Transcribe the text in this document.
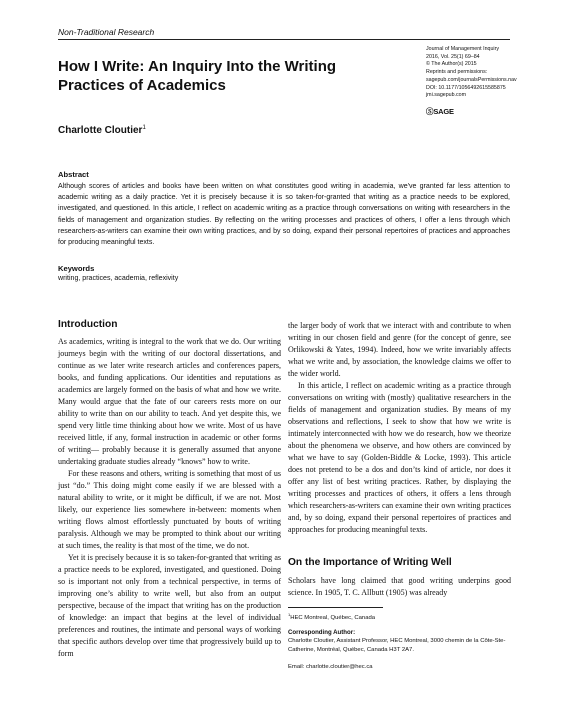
Non-Traditional Research
How I Write: An Inquiry Into the Writing Practices of Academics
Journal of Management Inquiry
2016, Vol. 25(1) 69–84
© The Author(s) 2015
Reprints and permissions:
sagepub.com/journalsPermissions.nav
DOI: 10.1177/1056492615585875
jmi.sagepub.com
ⓈSAGE
Charlotte Cloutier$^1$
Abstract
Although scores of articles and books have been written on what constitutes good writing in academia, we've granted far less attention to academic writing as a daily practice. Yet it is precisely because it is so taken-for-granted that writing as a practice needs to be explored, investigated, and questioned. In this article, I reflect on academic writing as a practice through conversations on writing with researchers in the fields of management and organization studies. By reflecting on the writing processes and practices of others, I offer a lens through which researchers-as-writers can examine their own writing practices, and by so doing, expand their personal repertoires of practices and approaches for producing meaningful texts.
Keywords
writing, practices, academia, reflexivity
Introduction

As academics, writing is integral to the work that we do. Our writing journeys begin with the writing of our doctoral dissertations, and continue as we later write research articles and conferences papers, books, and funding applications. Our identities and reputations as academics are largely formed on the basis of what and how we write. Many would argue that the fate of our careers rests more on our ability to write than on our ability to teach. And yet despite this, we spend very little time thinking about how we write. Most of us have received little, if any, formal instruction in academic or other forms of writing— probably because it is generally assumed that anyone undertaking graduate studies already “knows” how to write.

For these reasons and others, writing is something that most of us just “do.” This doing might come easily if we are blessed with a natural ability to write, or it might be difficult, if we are not. Most likely, our experience lies somewhere in-between: moments when writing flows almost effortlessly punctuated by bouts of writing paralysis. Although we may be prompted to think about our writing at such times, the reality is that most of the time, we do not.

Yet it is precisely because it is so taken-for-granted that writing as a practice needs to be explored, investigated, and questioned. Doing so is important not only from a technical perspective, in terms of improving one’s ability to write well, but also from an output perspective, because of the impact that writing has on the production of knowledge: an impact that begins at the level of individual preferences and routines, the intimate and personal ways of working that specific authors develop over time that progressively build up to form

the larger body of work that we interact with and contribute to when writing in our chosen field and genre (for the concept of genre, see Orlikowski & Yates, 1994). Indeed, how we write invariably affects what we write and, by association, the knowledge claims we offer to the wider world.

In this article, I reflect on academic writing as a practice through conversations on writing with (mostly) qualitative researchers in the fields of management and organization studies. By means of my observations and reflections, I seek to show that how we write is intimately interconnected with how we do research, how we theorize about the phenomena we observe, and how others are convinced by what we have to say (Golden-Biddle & Locke, 1993). This article does not pretend to be a dos and don’ts kind of article, nor does it offer any list of best writing practices. Rather, by displaying the writing processes and practices of others, it offers a lens through which researchers-as-writers can examine their own writing practices and, by so doing, expand their personal repertoires of practices and approaches for producing meaningful texts.

On the Importance of Writing Well
Scholars have long claimed that good writing underpins good science. In 1905, T. C. Allbutt (1905) was already
$^1$HEC Montreal, Québec, Canada
Corresponding Author:
Charlotte Cloutier, Assistant Professor, HEC Montreal, 3000 chemin de la Côte-Ste-Catherine, Montréal, Québec, Canada H3T 2A7.
Email: charlotte.cloutier@hec.ca
